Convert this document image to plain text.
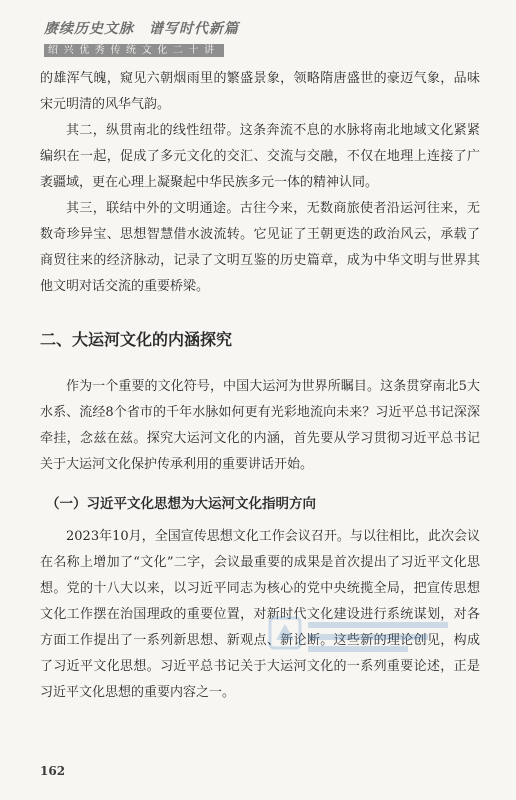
赓续历史文脉　谱写时代新篇
绍兴优秀传统文化二十讲

的雄浑气魄，窥见六朝烟雨里的繁盛景象，领略隋唐盛世的豪迈气象，品味宋元明清的风华气韵。

其二，纵贯南北的线性纽带。这条奔流不息的水脉将南北地域文化紧紧编织在一起，促成了多元文化的交汇、交流与交融，不仅在地理上连接了广袤疆域，更在心理上凝聚起中华民族多元一体的精神认同。

其三，联结中外的文明通途。古往今来，无数商旅使者沿运河往来，无数奇珍异宝、思想智慧借水波流转。它见证了王朝更迭的政治风云，承载了商贸往来的经济脉动，记录了文明互鉴的历史篇章，成为中华文明与世界其他文明对话交流的重要桥梁。

二、大运河文化的内涵探究

作为一个重要的文化符号，中国大运河为世界所瞩目。这条贯穿南北5大水系、流经8个省市的千年水脉如何更有光彩地流向未来？习近平总书记深深牵挂，念兹在兹。探究大运河文化的内涵，首先要从学习贯彻习近平总书记关于大运河文化保护传承利用的重要讲话开始。

（一）习近平文化思想为大运河文化指明方向

2023年10月，全国宣传思想文化工作会议召开。与以往相比，此次会议在名称上增加了“文化”二字，会议最重要的成果是首次提出了习近平文化思想。党的十八大以来，以习近平同志为核心的党中央统揽全局，把宣传思想文化工作摆在治国理政的重要位置，对新时代文化建设进行系统谋划，对各方面工作提出了一系列新思想、新观点、新论断。这些新的理论创见，构成了习近平文化思想。习近平总书记关于大运河文化的一系列重要论述，正是习近平文化思想的重要内容之一。

162
